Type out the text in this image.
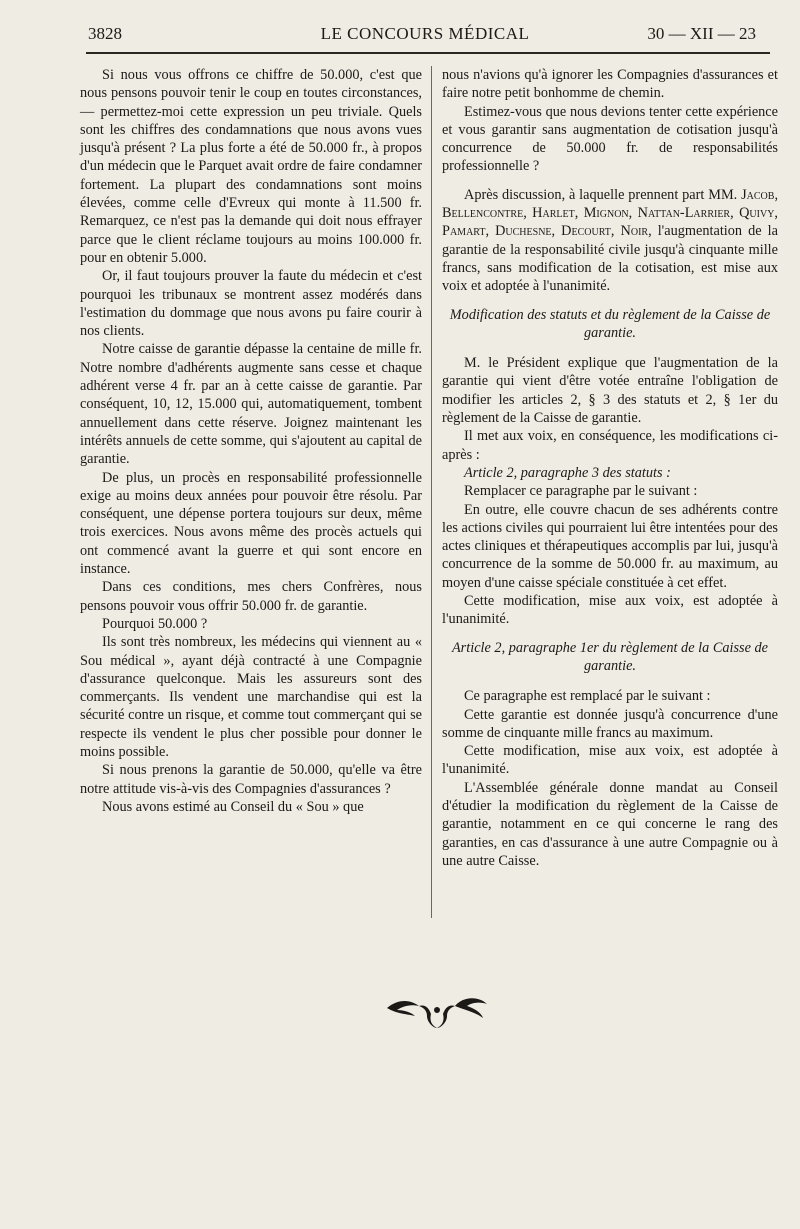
3828	LE CONCOURS MÉDICAL	30 — XII — 23

Si nous vous offrons ce chiffre de 50.000, c'est que nous pensons pouvoir tenir le coup en toutes circonstances, — permettez-moi cette expression un peu triviale. Quels sont les chiffres des condamnations que nous avons vues jusqu'à présent ? La plus forte a été de 50.000 fr., à propos d'un médecin que le Parquet avait ordre de faire condamner fortement. La plupart des condamnations sont moins élevées, comme celle d'Evreux qui monte à 11.500 fr. Remarquez, ce n'est pas la demande qui doit nous effrayer parce que le client réclame toujours au moins 100.000 fr. pour en obtenir 5.000.

Or, il faut toujours prouver la faute du médecin et c'est pourquoi les tribunaux se montrent assez modérés dans l'estimation du dommage que nous avons pu faire courir à nos clients.

Notre caisse de garantie dépasse la centaine de mille fr. Notre nombre d'adhérents augmente sans cesse et chaque adhérent verse 4 fr. par an à cette caisse de garantie. Par conséquent, 10, 12, 15.000 qui, automatiquement, tombent annuellement dans cette réserve. Joignez maintenant les intérêts annuels de cette somme, qui s'ajoutent au capital de garantie.

De plus, un procès en responsabilité professionnelle exige au moins deux années pour pouvoir être résolu. Par conséquent, une dépense portera toujours sur deux, même trois exercices. Nous avons même des procès actuels qui ont commencé avant la guerre et qui sont encore en instance.

Dans ces conditions, mes chers Confrères, nous pensons pouvoir vous offrir 50.000 fr. de garantie.

Pourquoi 50.000 ?

Ils sont très nombreux, les médecins qui viennent au « Sou médical », ayant déjà contracté à une Compagnie d'assurance quelconque. Mais les assureurs sont des commerçants. Ils vendent une marchandise qui est la sécurité contre un risque, et comme tout commerçant qui se respecte ils vendent le plus cher possible pour donner le moins possible.

Si nous prenons la garantie de 50.000, qu'elle va être notre attitude vis-à-vis des Compagnies d'assurances ?

Nous avons estimé au Conseil du « Sou » que

nous n'avions qu'à ignorer les Compagnies d'assurances et faire notre petit bonhomme de chemin.

Estimez-vous que nous devions tenter cette expérience et vous garantir sans augmentation de cotisation jusqu'à concurrence de 50.000 fr. de responsabilités professionnelle ?

Après discussion, à laquelle prennent part MM. Jacob, Bellencontre, Harlet, Mignon, Nattan-Larrier, Quivy, Pamart, Duchesne, Decourt, Noir, l'augmentation de la garantie de la responsabilité civile jusqu'à cinquante mille francs, sans modification de la cotisation, est mise aux voix et adoptée à l'unanimité.

Modification des statuts et du règlement de la Caisse de garantie.

M. le Président explique que l'augmentation de la garantie qui vient d'être votée entraîne l'obligation de modifier les articles 2, § 3 des statuts et 2, § 1er du règlement de la Caisse de garantie.

Il met aux voix, en conséquence, les modifications ci-après :

Article 2, paragraphe 3 des statuts :

Remplacer ce paragraphe par le suivant :

En outre, elle couvre chacun de ses adhérents contre les actions civiles qui pourraient lui être intentées pour des actes cliniques et thérapeutiques accomplis par lui, jusqu'à concurrence de la somme de 50.000 fr. au maximum, au moyen d'une caisse spéciale constituée à cet effet.

Cette modification, mise aux voix, est adoptée à l'unanimité.

Article 2, paragraphe 1er du règlement de la Caisse de garantie.

Ce paragraphe est remplacé par le suivant :

Cette garantie est donnée jusqu'à concurrence d'une somme de cinquante mille francs au maximum.

Cette modification, mise aux voix, est adoptée à l'unanimité.

L'Assemblée générale donne mandat au Conseil d'étudier la modification du règlement de la Caisse de garantie, notamment en ce qui concerne le rang des garanties, en cas d'assurance à une autre Compagnie ou à une autre Caisse.
